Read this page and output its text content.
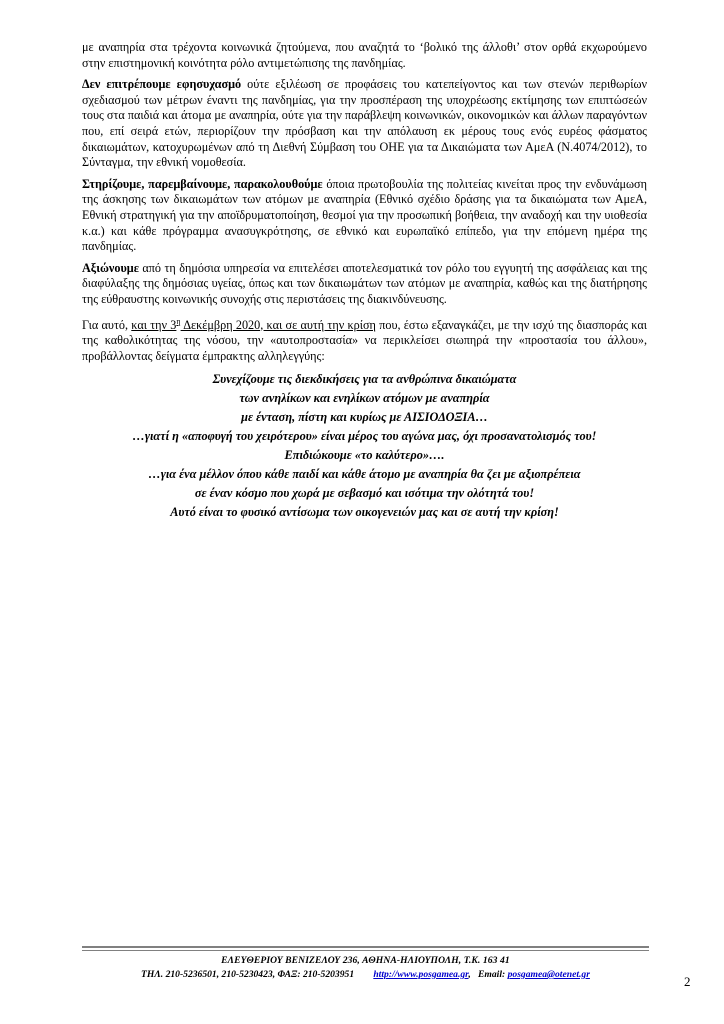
με αναπηρία στα τρέχοντα κοινωνικά ζητούμενα, που αναζητά το ‘βολικό της άλλοθι’ στον ορθά εκχωρούμενο στην επιστημονική κοινότητα ρόλο αντιμετώπισης της πανδημίας.

Δεν επιτρέπουμε εφησυχασμό ούτε εξιλέωση σε προφάσεις του κατεπείγοντος και των στενών περιθωρίων σχεδιασμού των μέτρων έναντι της πανδημίας, για την προσπέραση της υποχρέωσης εκτίμησης των επιπτώσεών τους στα παιδιά και άτομα με αναπηρία, ούτε για την παράβλεψη κοινωνικών, οικονομικών και άλλων παραγόντων που, επί σειρά ετών, περιορίζουν την πρόσβαση και την απόλαυση εκ μέρους τους ενός ευρέος φάσματος δικαιωμάτων, κατοχυρωμένων από τη Διεθνή Σύμβαση του ΟΗΕ για τα Δικαιώματα των ΑμεΑ (Ν.4074/2012), το Σύνταγμα, την εθνική νομοθεσία.

Στηρίζουμε, παρεμβαίνουμε, παρακολουθούμε όποια πρωτοβουλία της πολιτείας κινείται προς την ενδυνάμωση της άσκησης των δικαιωμάτων των ατόμων με αναπηρία (Εθνικό σχέδιο δράσης για τα δικαιώματα των ΑμεΑ, Εθνική στρατηγική για την αποϊδρυματοποίηση, θεσμοί για την προσωπική βοήθεια, την αναδοχή και την υιοθεσία κ.α.) και κάθε πρόγραμμα ανασυγκρότησης, σε εθνικό και ευρωπαϊκό επίπεδο, για την επόμενη ημέρα της πανδημίας.

Αξιώνουμε από τη δημόσια υπηρεσία να επιτελέσει αποτελεσματικά τον ρόλο του εγγυητή της ασφάλειας και της διαφύλαξης της δημόσιας υγείας, όπως και των δικαιωμάτων των ατόμων με αναπηρία, καθώς και της διατήρησης της εύθραυστης κοινωνικής συνοχής στις περιστάσεις της διακινδύνευσης.

Για αυτό, και την $3^\eta$ Δεκέμβρη 2020, και σε αυτή την κρίση που, έστω εξαναγκάζει, με την ισχύ της διασποράς και της καθολικότητας της νόσου, την «αυτοπροστασία» να περικλείσει σιωπηρά την «προστασία του άλλου», προβάλλοντας δείγματα έμπρακτης αλληλεγγύης:

Συνεχίζουμε τις διεκδικήσεις για τα ανθρώπινα δικαιώματα
των ανηλίκων και ενηλίκων ατόμων με αναπηρία
με ένταση, πίστη και κυρίως με ΑΙΣΙΟΔΟΞΙΑ…
…γιατί η «αποφυγή του χειρότερου» είναι μέρος του αγώνα μας, όχι προσανατολισμός του!
Επιδιώκουμε «το καλύτερο»….
…για ένα μέλλον όπου κάθε παιδί και κάθε άτομο με αναπηρία θα ζει με αξιοπρέπεια
σε έναν κόσμο που χωρά με σεβασμό και ισότιμα την ολότητά του!
Αυτό είναι το φυσικό αντίσωμα των οικογενειών μας και σε αυτή την κρίση!
ΕΛΕΥΘΕΡΙΟΥ ΒΕΝΙΖΕΛΟΥ 236, ΑΘΗΝΑ-ΗΛΙΟΥΠΟΛΗ, Τ.Κ. 163 41
ΤΗΛ. 210-5236501, 210-5230423, ΦΑΞ: 210-5203951 http://www.posgamea.gr, Email: posgamea@otenet.gr	2
